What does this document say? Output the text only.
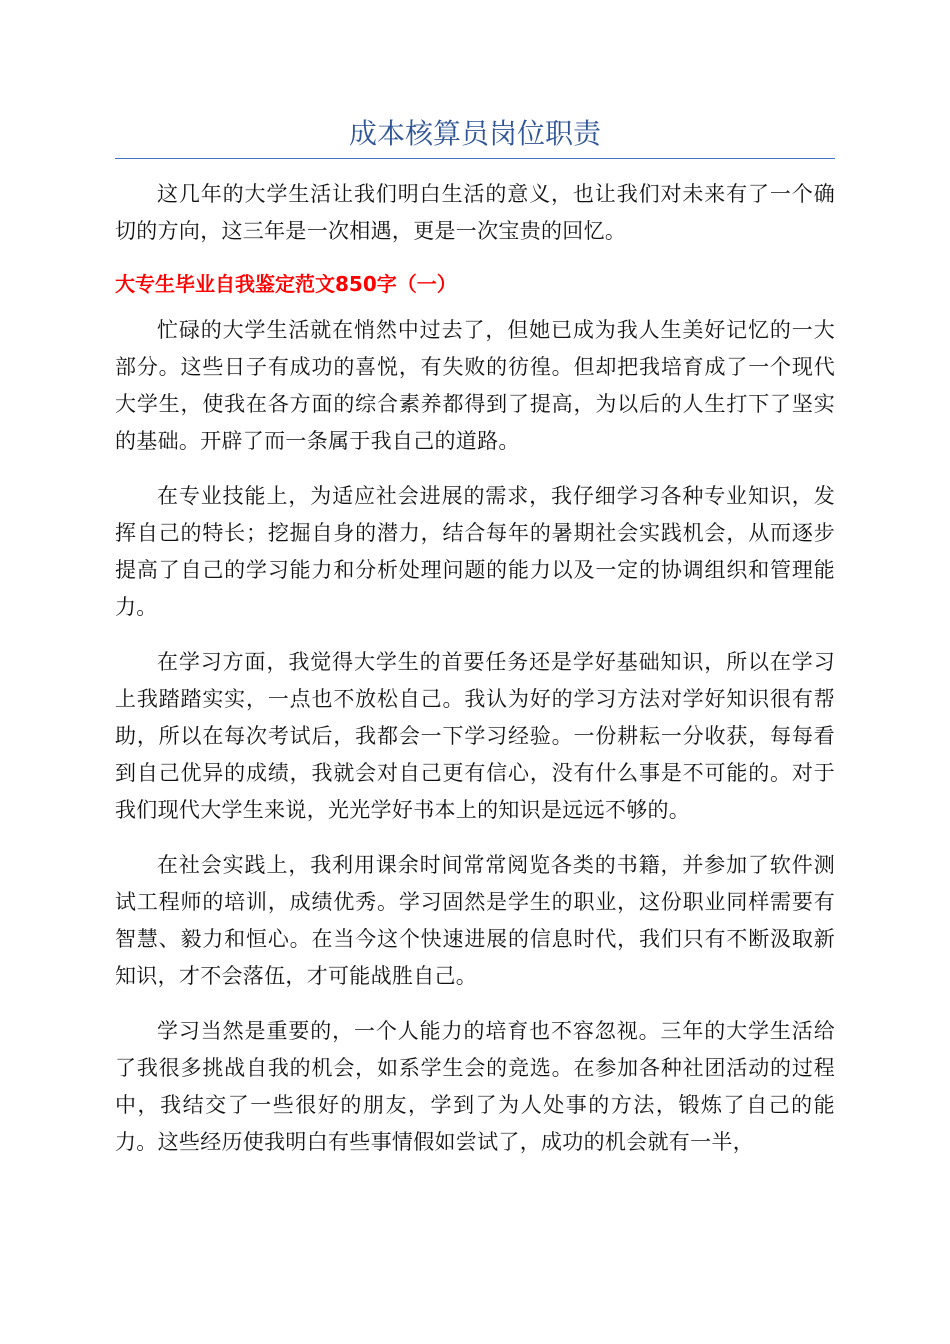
成本核算员岗位职责

这几年的大学生活让我们明白生活的意义，也让我们对未来有了一个确切的方向，这三年是一次相遇，更是一次宝贵的回忆。

大专生毕业自我鉴定范文850字（一）

忙碌的大学生活就在悄然中过去了，但她已成为我人生美好记忆的一大部分。这些日子有成功的喜悦，有失败的彷徨。但却把我培育成了一个现代大学生，使我在各方面的综合素养都得到了提高，为以后的人生打下了坚实的基础。开辟了而一条属于我自己的道路。

在专业技能上，为适应社会进展的需求，我仔细学习各种专业知识，发挥自己的特长；挖掘自身的潜力，结合每年的暑期社会实践机会，从而逐步提高了自己的学习能力和分析处理问题的能力以及一定的协调组织和管理能力。

在学习方面，我觉得大学生的首要任务还是学好基础知识，所以在学习上我踏踏实实，一点也不放松自己。我认为好的学习方法对学好知识很有帮助，所以在每次考试后，我都会一下学习经验。一份耕耘一分收获，每每看到自己优异的成绩，我就会对自己更有信心，没有什么事是不可能的。对于我们现代大学生来说，光光学好书本上的知识是远远不够的。

在社会实践上，我利用课余时间常常阅览各类的书籍，并参加了软件测试工程师的培训，成绩优秀。学习固然是学生的职业，这份职业同样需要有智慧、毅力和恒心。在当今这个快速进展的信息时代，我们只有不断汲取新知识，才不会落伍，才可能战胜自己。

学习当然是重要的，一个人能力的培育也不容忽视。三年的大学生活给了我很多挑战自我的机会，如系学生会的竞选。在参加各种社团活动的过程中，我结交了一些很好的朋友，学到了为人处事的方法，锻炼了自己的能力。这些经历使我明白有些事情假如尝试了，成功的机会就有一半，
